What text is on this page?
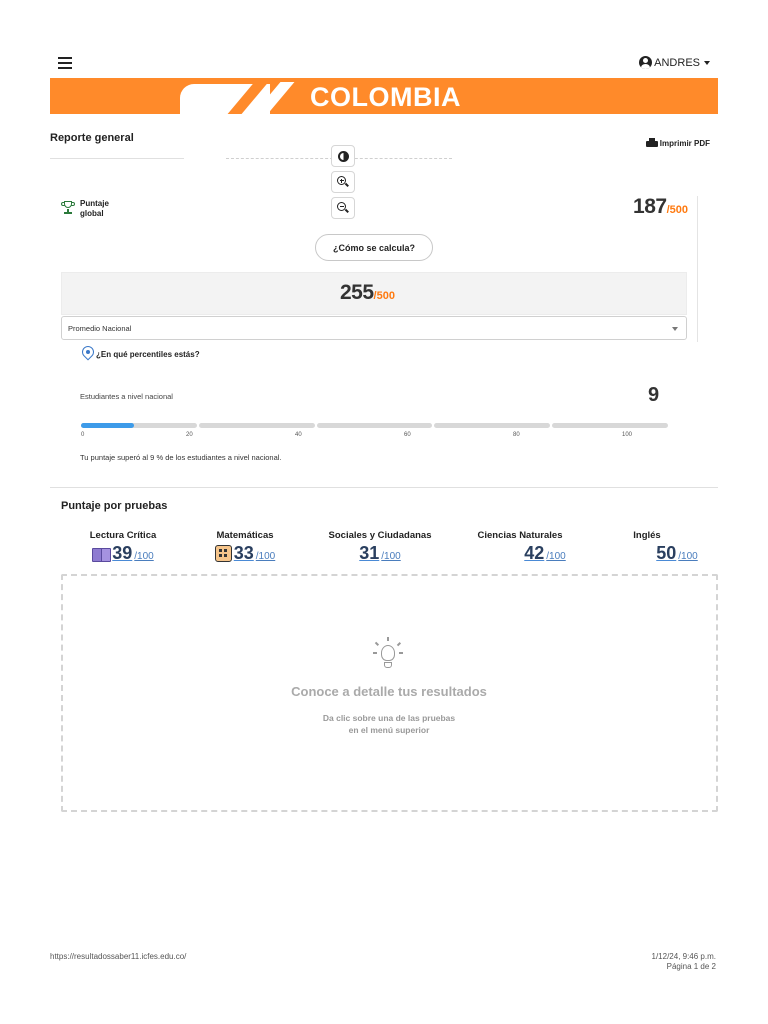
ANDRES
COLOMBIA
Reporte general	Imprimir PDF
Puntaje global	187/500
¿Cómo se calcula?
255/500
Promedio Nacional
¿En qué percentiles estás?
Estudiantes a nivel nacional	9
0	20	40	60	80	100
Tu puntaje superó al 9 % de los estudiantes a nivel nacional.
Puntaje por pruebas
Lectura Crítica
39 /100
Matemáticas
33 /100
Sociales y Ciudadanas
31 /100
Ciencias Naturales
42 /100
Inglés
50 /100
Conoce a detalle tus resultados
Da clic sobre una de las pruebas
en el menú superior
https://resultadossaber11.icfes.edu.co/	1/12/24, 9:46 p.m.
Página 1 de 2
